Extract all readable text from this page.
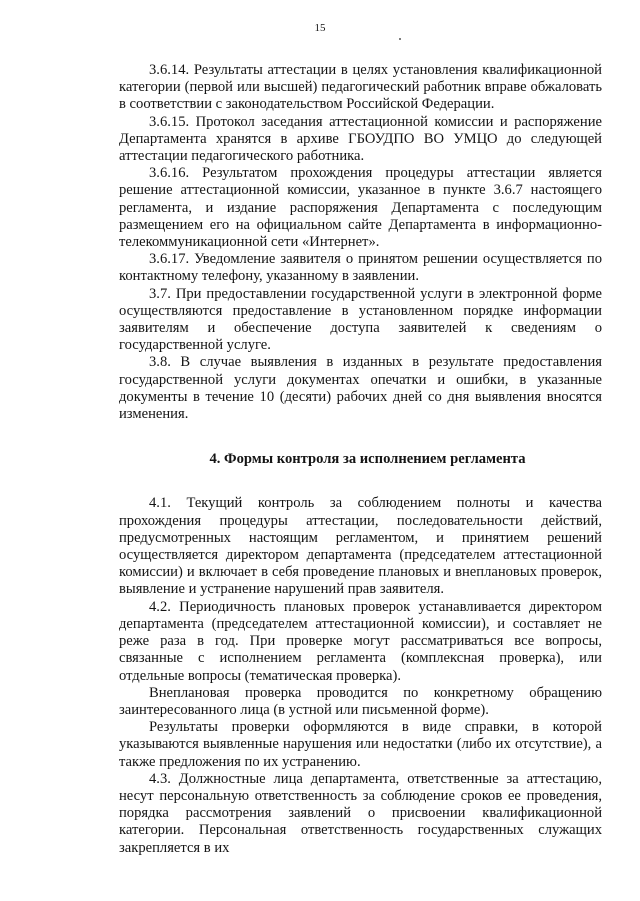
15

3.6.14. Результаты аттестации в целях установления квалификационной категории (первой или высшей) педагогический работник вправе обжаловать в соответствии с законодательством Российской Федерации.

3.6.15. Протокол заседания аттестационной комиссии и распоряжение Департамента хранятся в архиве ГБОУДПО ВО УМЦО до следующей аттестации педагогического работника.

3.6.16. Результатом прохождения процедуры аттестации является решение аттестационной комиссии, указанное в пункте 3.6.7 настоящего регламента, и издание распоряжения Департамента с последующим размещением его на официальном сайте Департамента в информационно-телекоммуникационной сети «Интернет».

3.6.17. Уведомление заявителя о принятом решении осуществляется по контактному телефону, указанному в заявлении.

3.7. При предоставлении государственной услуги в электронной форме осуществляются предоставление в установленном порядке информации заявителям и обеспечение доступа заявителей к сведениям о государственной услуге.

3.8. В случае выявления в изданных в результате предоставления государственной услуги документах опечатки и ошибки, в указанные документы в течение 10 (десяти) рабочих дней со дня выявления вносятся изменения.

4. Формы контроля за исполнением регламента

4.1. Текущий контроль за соблюдением полноты и качества прохождения процедуры аттестации, последовательности действий, предусмотренных настоящим регламентом, и принятием решений осуществляется директором департамента (председателем аттестационной комиссии) и включает в себя проведение плановых и внеплановых проверок, выявление и устранение нарушений прав заявителя.

4.2. Периодичность плановых проверок устанавливается директором департамента (председателем аттестационной комиссии), и составляет не реже раза в год. При проверке могут рассматриваться все вопросы, связанные с исполнением регламента (комплексная проверка), или отдельные вопросы (тематическая проверка).

Внеплановая проверка проводится по конкретному обращению заинтересованного лица (в устной или письменной форме).

Результаты проверки оформляются в виде справки, в которой указываются выявленные нарушения или недостатки (либо их отсутствие), а также предложения по их устранению.

4.3. Должностные лица департамента, ответственные за аттестацию, несут персональную ответственность за соблюдение сроков ее проведения, порядка рассмотрения заявлений о присвоении квалификационной категории. Персональная ответственность государственных служащих закрепляется в их
